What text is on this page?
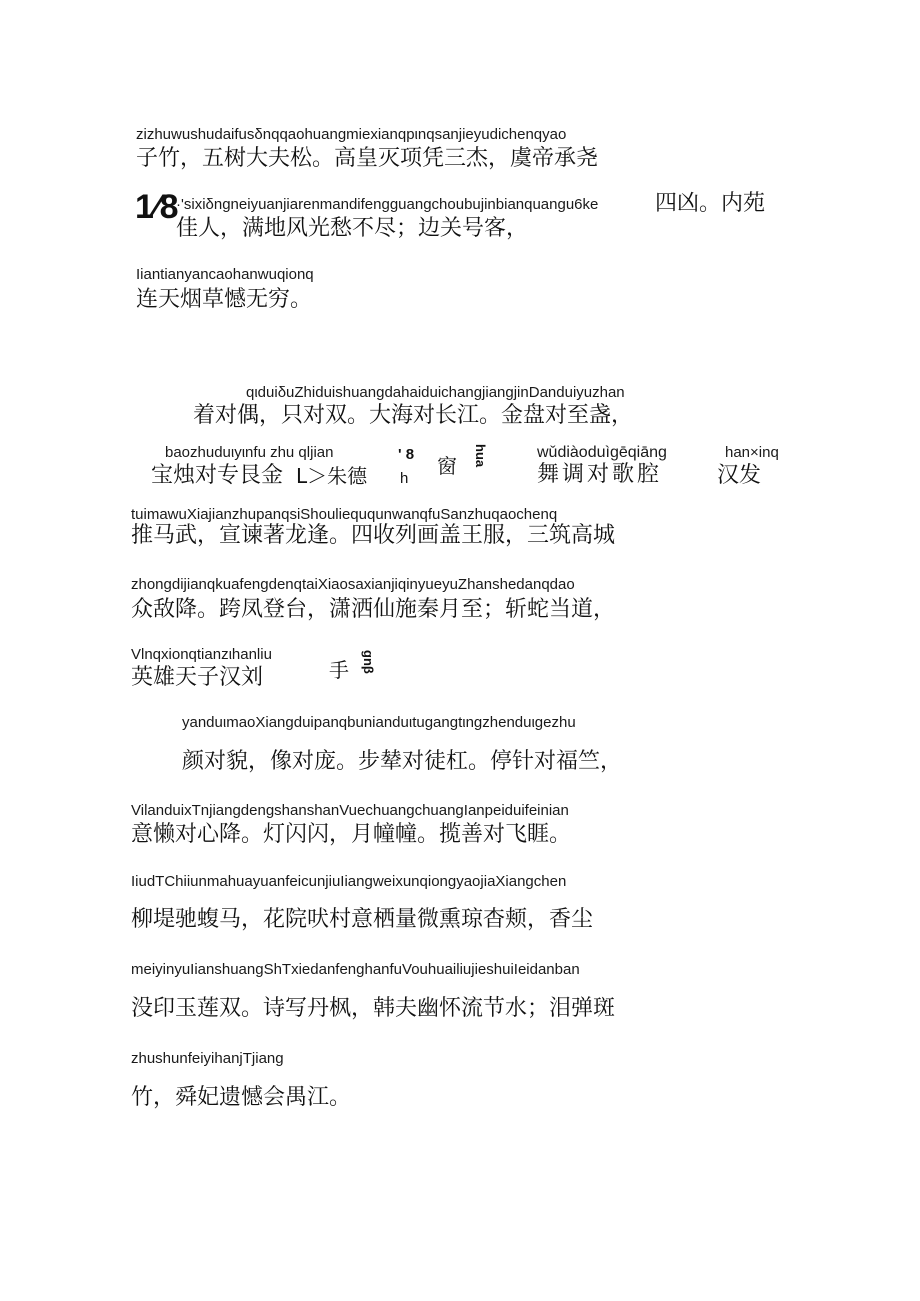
zizhuwushudaifusδnqqaohuangmiexianqpιnqsanjieyudichenqyao
子竹，五树大夫松。高皇灭项凭三杰，虞帝承尧
1⁄8
·'sixiδngneiyuanjiarenmandifengguangchoubujinbianquangu6ke	四凶。内苑
佳人，满地风光愁不尽；边关号客，
Iiantianyancaohanwuqionq
连天烟草憾无穷。
qιduiδuZhiduishuangdahaiduichangjiangjinDanduiyuzhan
着对偶，只对双。大海对长江。金盘对至盏，
baozhuduιyιnfu zhu qljian
宝烛对专艮金 L＞朱德
' 8
h
窗 hua	wǔdiàoduìgēqiāng
舞调对歌腔
han×inq
汉发
tuimawuXiajianzhupanqsiShoulieququnwanqfuSanzhuqaochenq
推马武，宣谏著龙逢。四收列画盖王服，三筑高城
zhongdijianqkuafengdenqtaiXiaosaxianjiqinyueyuZhanshedanqdao
众敌降。跨凤登台，潇洒仙施秦月至；斩蛇当道，
Vlnqxionqtianzιhanliu
英雄天子汉刘	手 gnβ
yanduιmaoXiangduipanqbunianduιtugangtιngzhenduιgezhu
颜对貌，像对庞。步辇对徒杠。停针对福竺，
VilanduixTnjiangdengshanshanVuechuangchuangIanpeiduifeinian
意懒对心降。灯闪闪，月幢幢。揽善对飞睚。
IiudTChiiunmahuayuanfeicunjiuIiangweixunqiongyaojiaXiangchen
柳堤驰蝮马，花院吠村意栖量微熏琼杳颊，香尘
meiyinyuIianshuangShTxiedanfenghanfuVouhuailiujieshuiIeidanban
没印玉莲双。诗写丹枫，韩夫幽怀流节水；泪弹斑
zhushunfeiyihanjTjiang
竹，舜妃遗憾会禺江。
